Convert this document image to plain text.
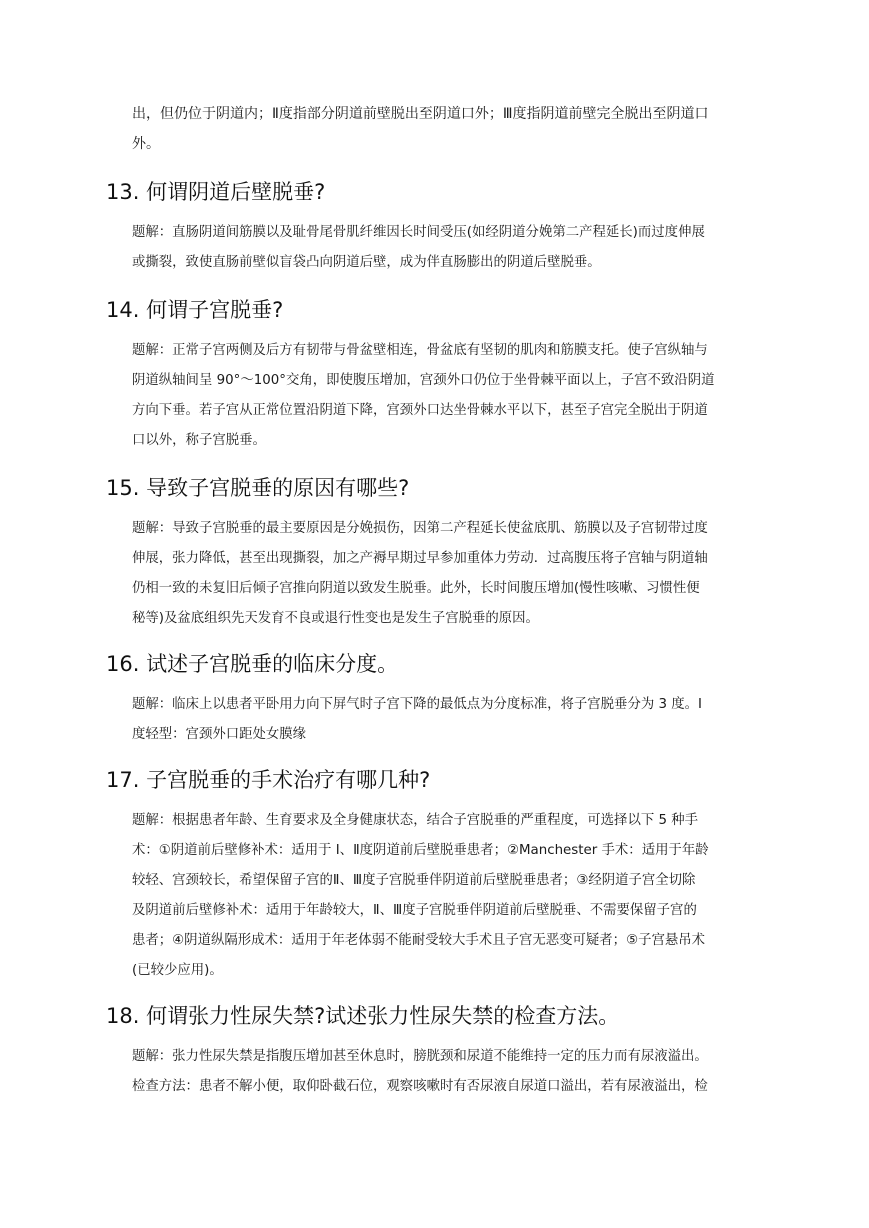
出，但仍位于阴道内；Ⅱ度指部分阴道前壁脱出至阴道口外；Ⅲ度指阴道前壁完全脱出至阴道口

外。

13. 何谓阴道后壁脱垂?

题解：直肠阴道间筋膜以及耻骨尾骨肌纤维因长时间受压(如经阴道分娩第二产程延长)而过度伸展

或撕裂，致使直肠前壁似盲袋凸向阴道后壁，成为伴直肠膨出的阴道后壁脱垂。

14. 何谓子宫脱垂?

题解：正常子宫两侧及后方有韧带与骨盆壁相连，骨盆底有坚韧的肌肉和筋膜支托。使子宫纵轴与

阴道纵轴间呈 90°～100°交角，即使腹压增加，宫颈外口仍位于坐骨棘平面以上，子宫不致沿阴道

方向下垂。若子宫从正常位置沿阴道下降，宫颈外口达坐骨棘水平以下，甚至子宫完全脱出于阴道

口以外，称子宫脱垂。

15. 导致子宫脱垂的原因有哪些?

题解：导致子宫脱垂的最主要原因是分娩损伤，因第二产程延长使盆底肌、筋膜以及子宫韧带过度

伸展，张力降低，甚至出现撕裂，加之产褥早期过早参加重体力劳动．过高腹压将子宫轴与阴道轴

仍相一致的未复旧后倾子宫推向阴道以致发生脱垂。此外，长时间腹压增加(慢性咳嗽、习惯性便

秘等)及盆底组织先天发育不良或退行性变也是发生子宫脱垂的原因。

16. 试述子宫脱垂的临床分度。

题解：临床上以患者平卧用力向下屏气时子宫下降的最低点为分度标准，将子宫脱垂分为 3 度。I

度轻型：宫颈外口距处女膜缘

17. 子宫脱垂的手术治疗有哪几种?

题解：根据患者年龄、生育要求及全身健康状态，结合子宫脱垂的严重程度，可选择以下 5 种手

术：①阴道前后壁修补术：适用于 I、Ⅱ度阴道前后壁脱垂患者；②Manchester 手术：适用于年龄

较轻、宫颈较长，希望保留子宫的Ⅱ、Ⅲ度子宫脱垂伴阴道前后壁脱垂患者；③经阴道子宫全切除

及阴道前后壁修补术：适用于年龄较大，Ⅱ、Ⅲ度子宫脱垂伴阴道前后壁脱垂、不需要保留子宫的

患者；④阴道纵隔形成术：适用于年老体弱不能耐受较大手术且子宫无恶变可疑者；⑤子宫悬吊术

(已较少应用)。

18. 何谓张力性尿失禁?试述张力性尿失禁的检查方法。

题解：张力性尿失禁是指腹压增加甚至休息时，膀胱颈和尿道不能维持一定的压力而有尿液溢出。

检查方法：患者不解小便，取仰卧截石位，观察咳嗽时有否尿液自尿道口溢出，若有尿液溢出，检
